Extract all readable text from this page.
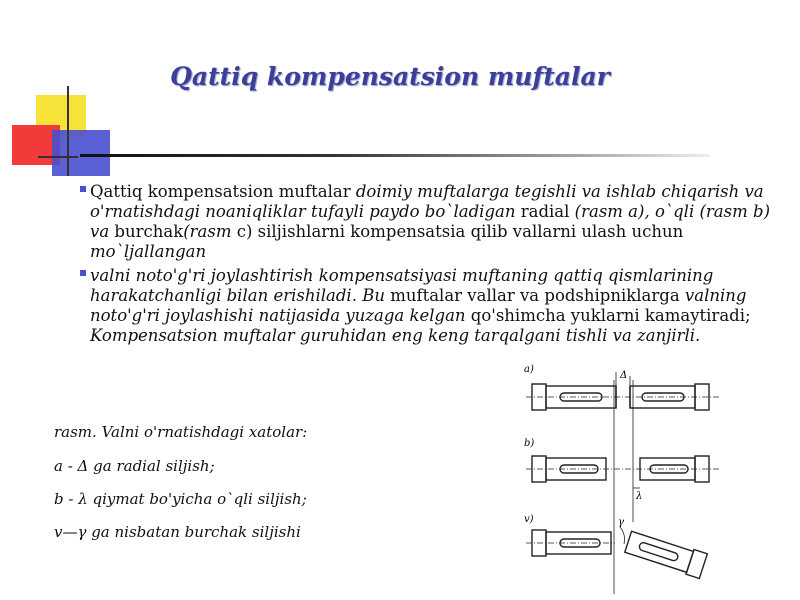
Qattiq kompensatsion muftalar
Qattiq kompensatsion muftalar doimiy muftalarga tegishli va ishlab chiqarish va o'rnatishdagi noaniqliklar tufayli paydo bo`ladigan radial (rasm a), o`qli (rasm b) va burchak(rasm c) siljishlarni kompensatsia qilib vallarni ulash uchun mo`ljallangan
valni noto'g'ri joylashtirish kompensatsiyasi muftaning qattiq qismlarining harakatchanligi bilan erishiladi. Bu muftalar vallar va podshipniklarga valning noto'g'ri joylashishi natijasida yuzaga kelgan qo'shimcha yuklarni kamaytiradi; Kompensatsion muftalar guruhidan eng keng tarqalgani tishli va zanjirli.
rasm. Valni o'rnatishdagi xatolar:
a - Δ ga radial siljish;
b - λ qiymat bo'yicha o`qli siljish;
v—γ ga nisbatan burchak siljishi
a)
b)
v)
Δ
λ
γ
